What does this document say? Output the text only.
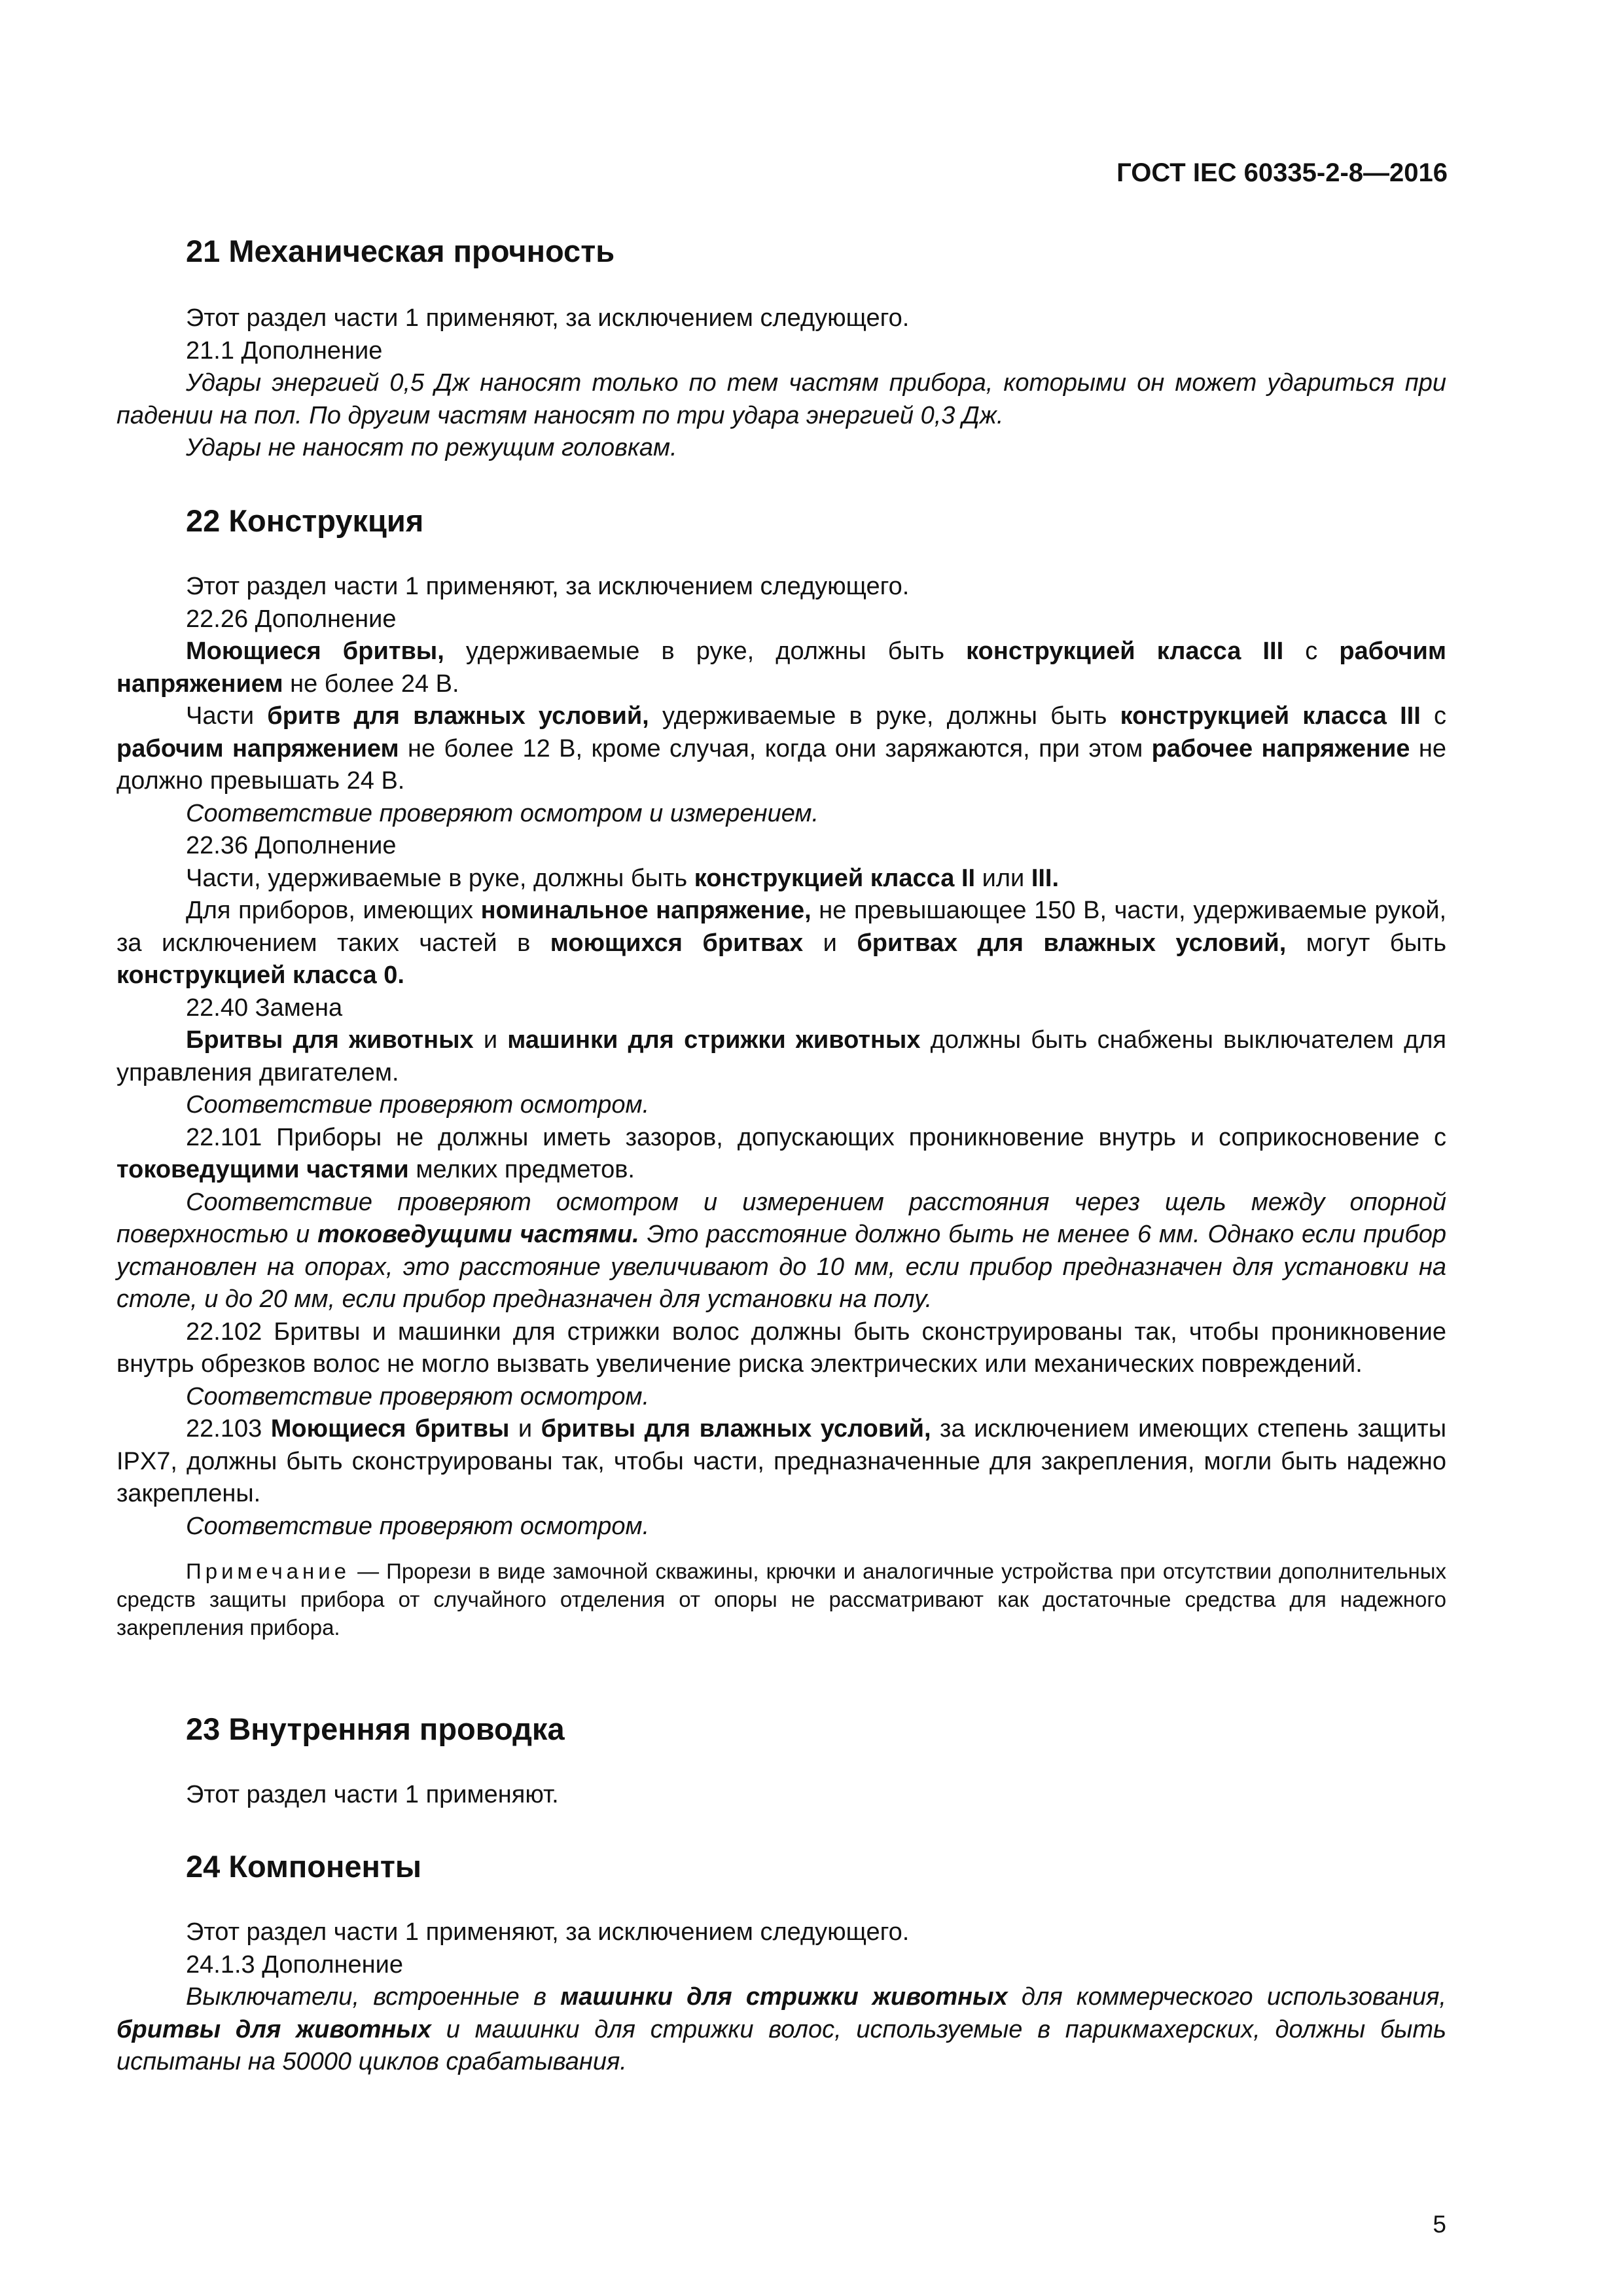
ГОСТ IEC 60335-2-8—2016
21 Механическая прочность

Этот раздел части 1 применяют, за исключением следующего.

21.1 Дополнение

Удары энергией 0,5 Дж наносят только по тем частям прибора, которыми он может удариться при падении на пол. По другим частям наносят по три удара энергией 0,3 Дж.

Удары не наносят по режущим головкам.

22 Конструкция

Этот раздел части 1 применяют, за исключением следующего.

22.26 Дополнение

Моющиеся бритвы, удерживаемые в руке, должны быть конструкцией класса III с рабочим напряжением не более 24 В.

Части бритв для влажных условий, удерживаемые в руке, должны быть конструкцией класса III с рабочим напряжением не более 12 В, кроме случая, когда они заряжаются, при этом рабочее напряжение не должно превышать 24 В.

Соответствие проверяют осмотром и измерением.

22.36 Дополнение

Части, удерживаемые в руке, должны быть конструкцией класса II или III.

Для приборов, имеющих номинальное напряжение, не превышающее 150 В, части, удерживаемые рукой, за исключением таких частей в моющихся бритвах и бритвах для влажных условий, могут быть конструкцией класса 0.

22.40 Замена

Бритвы для животных и машинки для стрижки животных должны быть снабжены выключателем для управления двигателем.

Соответствие проверяют осмотром.

22.101 Приборы не должны иметь зазоров, допускающих проникновение внутрь и соприкосновение с токоведущими частями мелких предметов.

Соответствие проверяют осмотром и измерением расстояния через щель между опорной поверхностью и токоведущими частями. Это расстояние должно быть не менее 6 мм. Однако если прибор установлен на опорах, это расстояние увеличивают до 10 мм, если прибор предназначен для установки на столе, и до 20 мм, если прибор предназначен для установки на полу.

22.102 Бритвы и машинки для стрижки волос должны быть сконструированы так, чтобы проникновение внутрь обрезков волос не могло вызвать увеличение риска электрических или механических повреждений.

Соответствие проверяют осмотром.

22.103 Моющиеся бритвы и бритвы для влажных условий, за исключением имеющих степень защиты IPX7, должны быть сконструированы так, чтобы части, предназначенные для закрепления, могли быть надежно закреплены.

Соответствие проверяют осмотром.

Примечание — Прорези в виде замочной скважины, крючки и аналогичные устройства при отсутствии дополнительных средств защиты прибора от случайного отделения от опоры не рассматривают как достаточные средства для надежного закрепления прибора.

23 Внутренняя проводка

Этот раздел части 1 применяют.

24 Компоненты

Этот раздел части 1 применяют, за исключением следующего.

24.1.3 Дополнение

Выключатели, встроенные в машинки для стрижки животных для коммерческого использования, бритвы для животных и машинки для стрижки волос, используемые в парикмахерских, должны быть испытаны на 50000 циклов срабатывания.

5
